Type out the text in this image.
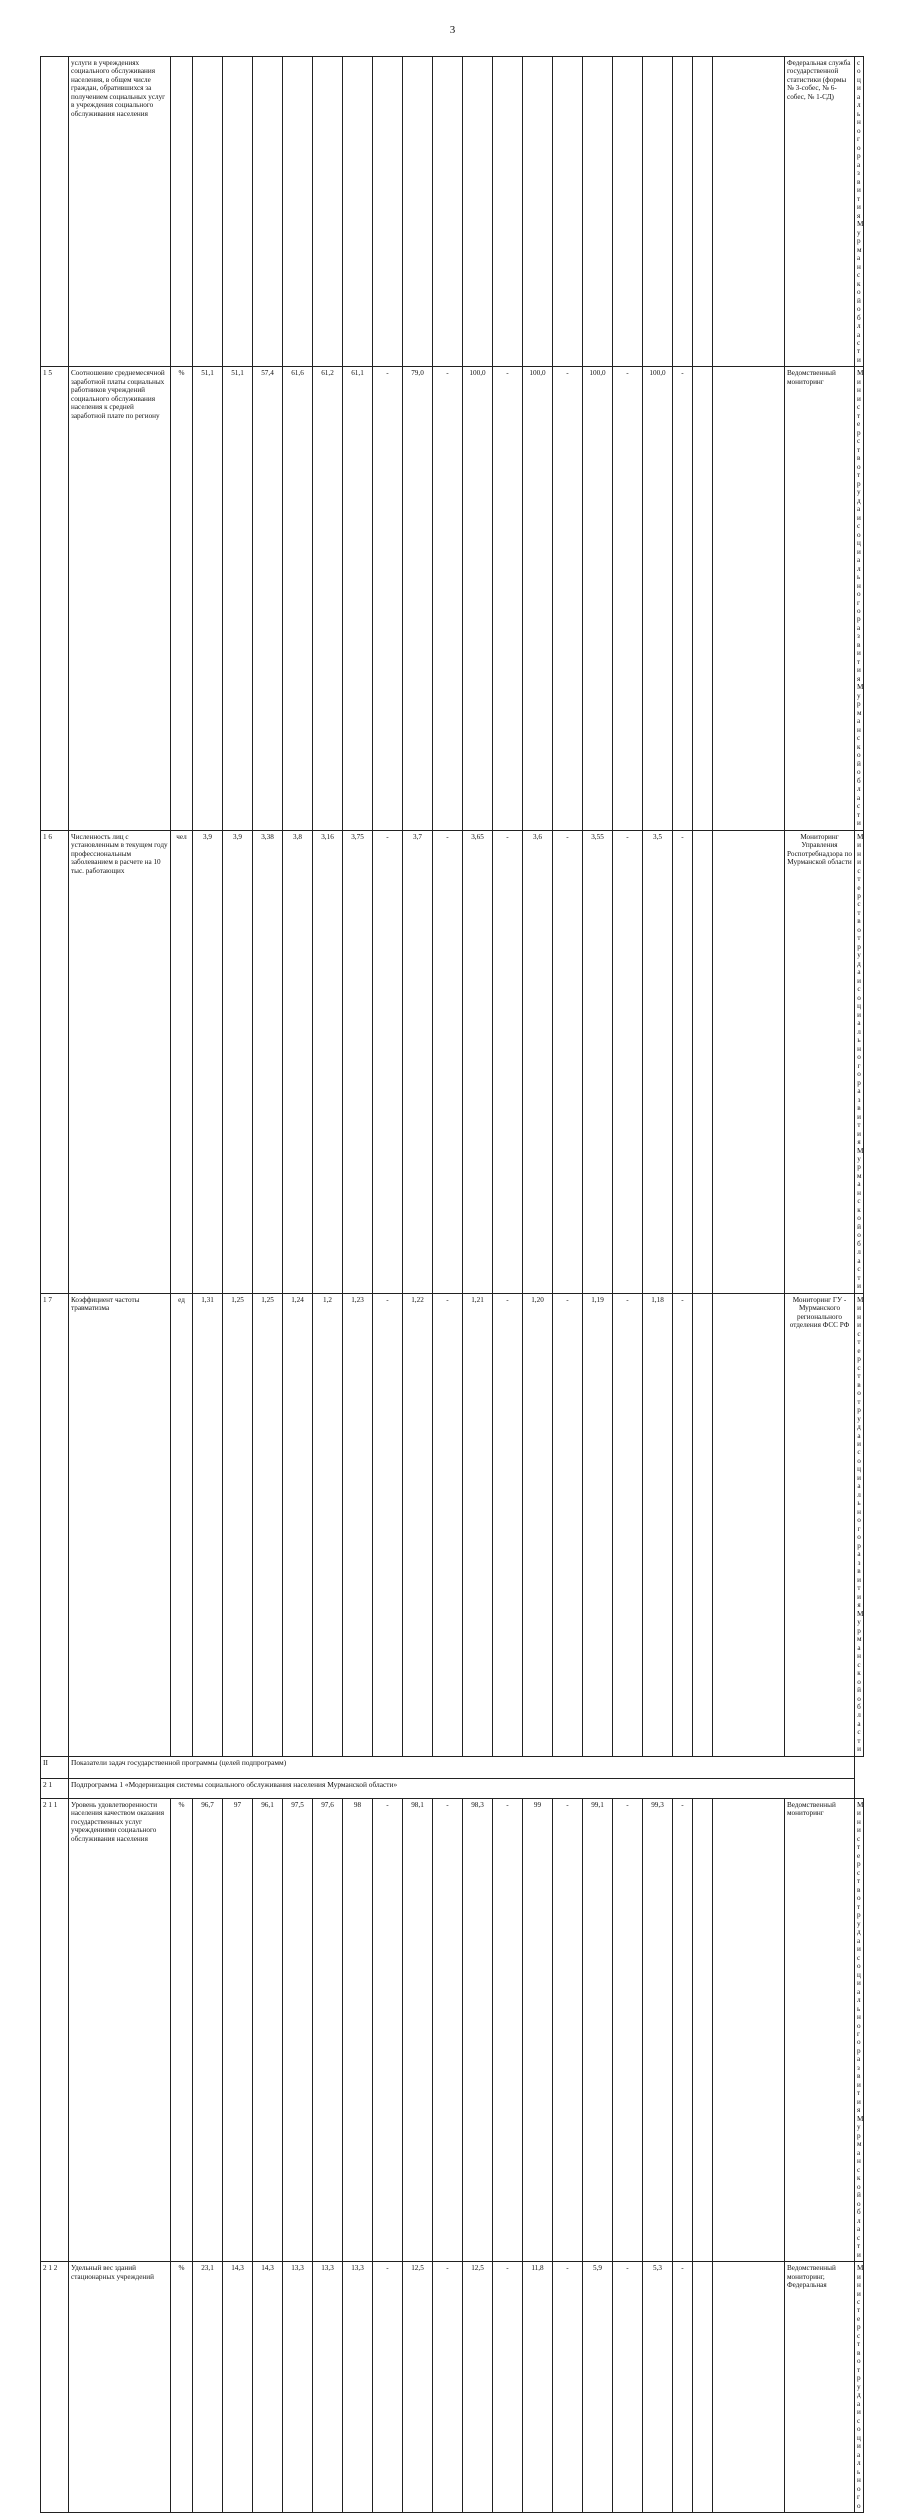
3
	услуги в учреждениях социального обслуживания населения, в общем числе граждан, обратившихся за получением социальных услуг в учреждения социального обслуживания населения																					Федеральная служба государственной статистики (формы № 3-собес, № 6-собес, № 1-СД)	социального развития Мурманской области
1 5	Соотношение среднемесячной заработной платы социальных работников учреждений социального обслуживания населения к средней заработной плате по региону	%	51,1	51,1	57,4	61,6	61,2	61,1	-	79,0	-	100,0	-	100,0	-	100,0	-	100,0	-			Ведомственный мониторинг	Министерство труда и социального развития Мурманской области
1 6	Численность лиц с установленным в текущем году профессиональным заболеванием в расчете на 10 тыс. работающих	чел	3,9	3,9	3,38	3,8	3,16	3,75	-	3,7	-	3,65	-	3,6	-	3,55	-	3,5	-			Мониторинг Управления Роспотребнадзора по Мурманской области	Министерство труда и социального развития Мурманской области
1 7	Коэффициент частоты травматизма	ед	1,31	1,25	1,25	1,24	1,2	1,23	-	1,22	-	1,21	-	1,20	-	1,19	-	1,18	-			Мониторинг ГУ - Мурманского регионального отделения ФСС РФ	Министерство труда и социального развития Мурманской области
II	Показатели задач государственной программы (целей подпрограмм)																						
2 1	Подпрограмма 1 «Модернизация системы социального обслуживания населения Мурманской области»																						
2 1 1	Уровень удовлетворенности населения качеством оказания государственных услуг учреждениями социального обслуживания населения	%	96,7	97	96,1	97,5	97,6	98	-	98,1	-	98,3	-	99	-	99,1	-	99,3	-			Ведомственный мониторинг	Министерство труда и социального развития Мурманской области
2 1 2	Удельный вес зданий стационарных учреждений	%	23,1	14,3	14,3	13,3	13,3	13,3	-	12,5	-	12,5	-	11,8	-	5,9	-	5,3	-			Ведомственный мониторинг, Федеральная	Министерство труда и социального
